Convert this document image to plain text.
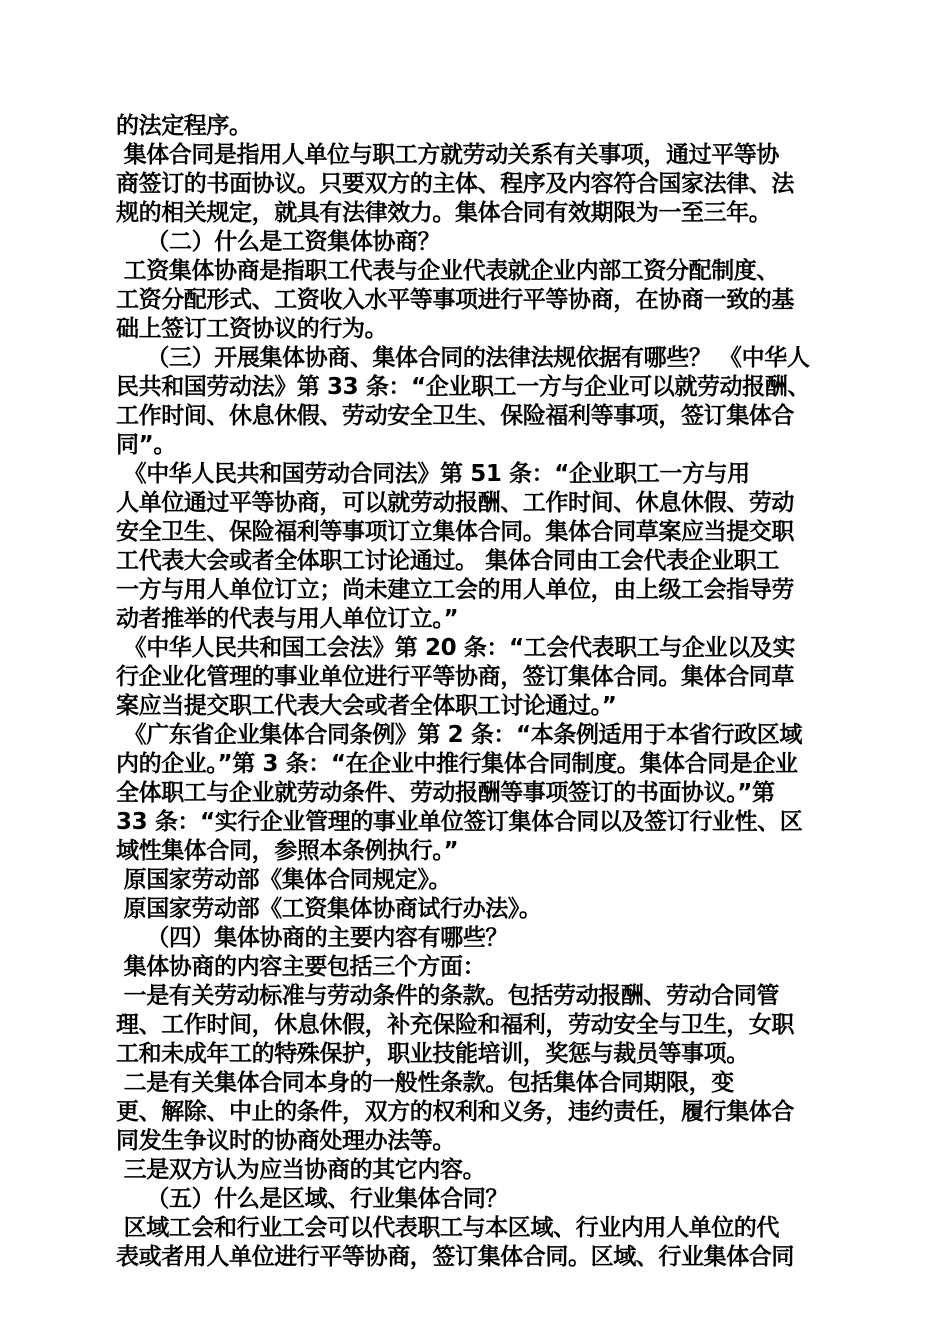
的法定程序。
集体合同是指用人单位与职工方就劳动关系有关事项，通过平等协
商签订的书面协议。只要双方的主体、程序及内容符合国家法律、法
规的相关规定，就具有法律效力。集体合同有效期限为一至三年。
（二）什么是工资集体协商？
工资集体协商是指职工代表与企业代表就企业内部工资分配制度、
工资分配形式、工资收入水平等事项进行平等协商，在协商一致的基
础上签订工资协议的行为。
（三）开展集体协商、集体合同的法律法规依据有哪些？ 《中华人
民共和国劳动法》第 33 条：“企业职工一方与企业可以就劳动报酬、
工作时间、休息休假、劳动安全卫生、保险福利等事项，签订集体合
同”。
《中华人民共和国劳动合同法》第 51 条：“企业职工一方与用
人单位通过平等协商，可以就劳动报酬、工作时间、休息休假、劳动
安全卫生、保险福利等事项订立集体合同。集体合同草案应当提交职
工代表大会或者全体职工讨论通过。 集体合同由工会代表企业职工
一方与用人单位订立；尚未建立工会的用人单位，由上级工会指导劳
动者推举的代表与用人单位订立。”
《中华人民共和国工会法》第 20 条：“工会代表职工与企业以及实
行企业化管理的事业单位进行平等协商，签订集体合同。集体合同草
案应当提交职工代表大会或者全体职工讨论通过。”
《广东省企业集体合同条例》第 2 条：“本条例适用于本省行政区域
内的企业。”第 3 条：“在企业中推行集体合同制度。集体合同是企业
全体职工与企业就劳动条件、劳动报酬等事项签订的书面协议。”第
33 条：“实行企业管理的事业单位签订集体合同以及签订行业性、区
域性集体合同，参照本条例执行。”
原国家劳动部《集体合同规定》。
原国家劳动部《工资集体协商试行办法》。
（四）集体协商的主要内容有哪些？
集体协商的内容主要包括三个方面：
一是有关劳动标准与劳动条件的条款。包括劳动报酬、劳动合同管
理、工作时间，休息休假，补充保险和福利，劳动安全与卫生，女职
工和未成年工的特殊保护，职业技能培训，奖惩与裁员等事项。
二是有关集体合同本身的一般性条款。包括集体合同期限，变
更、解除、中止的条件，双方的权利和义务，违约责任，履行集体合
同发生争议时的协商处理办法等。
三是双方认为应当协商的其它内容。
（五）什么是区域、行业集体合同？
区域工会和行业工会可以代表职工与本区域、行业内用人单位的代
表或者用人单位进行平等协商，签订集体合同。区域、行业集体合同
